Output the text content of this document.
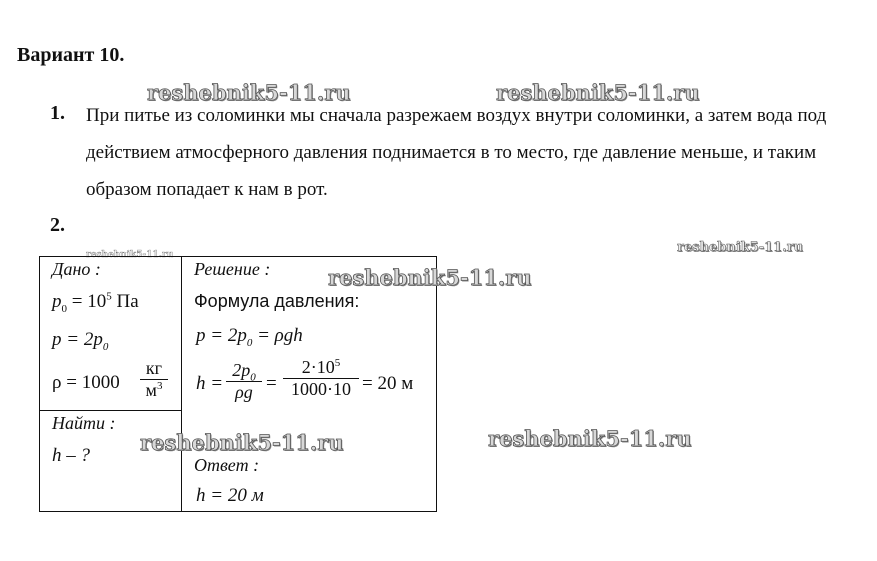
Вариант 10.
reshebnik5-11.ru	reshebnik5-11.ru
1. При питье из соломинки мы сначала разрежаем воздух внутри соломинки, а затем вода под действием атмосферного давления поднимается в то место, где давление меньше, и таким образом попадает к нам в рот.
2.
reshebnik5-11.ru	reshebnik5-11.ru
Дано :
$p_0 = 10^5$ Па
$p = 2p_0$
ρ = 1000
кг
$м^3$
Найти :
h – ?
Решение :	reshebnik5-11.ru
Формула давления:
$p = 2p_0 = \rho gh$
$h = \frac{2p_0}{\rho g} = \frac{2\cdot 10^5}{1000\cdot 10} = 20$ м
reshebnik5-11.ru	reshebnik5-11.ru
Ответ :
h = 20 м
